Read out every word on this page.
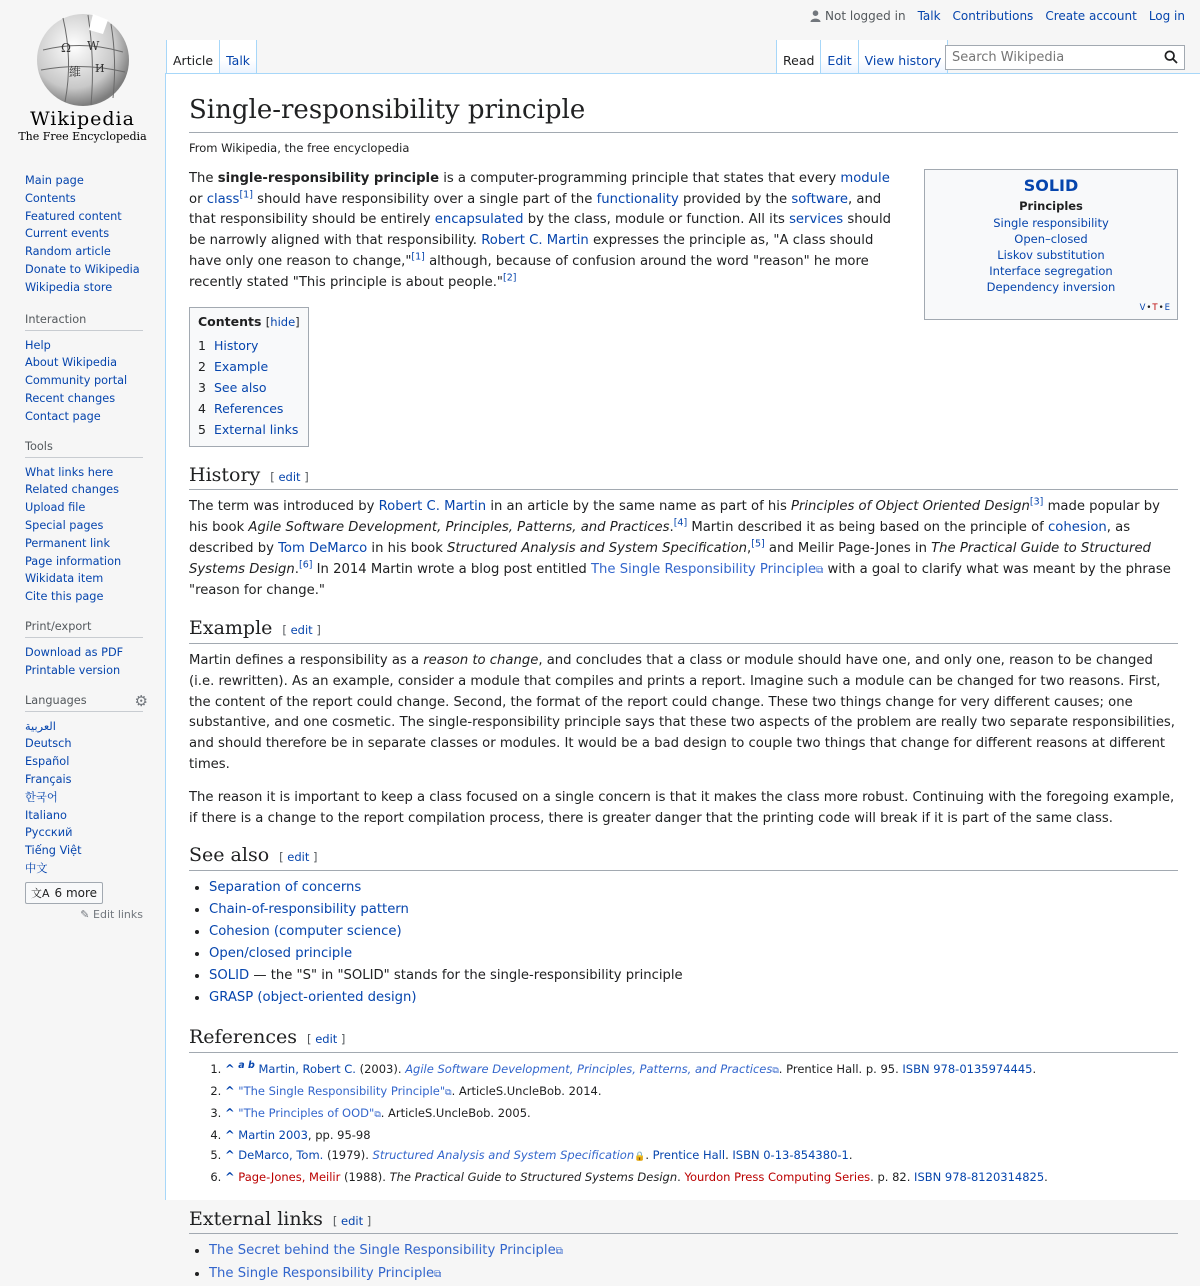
Not logged in Talk Contributions Create account Log in
Ω W
維 И
Wikipedia
The Free Encyclopedia
Main page
Contents
Featured content
Current events
Random article
Donate to Wikipedia
Wikipedia store
Interaction
Help
About Wikipedia
Community portal
Recent changes
Contact page
Tools
What links here
Related changes
Upload file
Special pages
Permanent link
Page information
Wikidata item
Cite this page
Print/export
Download as PDF
Printable version
Languages	⚙
العربية
Deutsch
Español
Français
한국어
Italiano
Русский
Tiếng Việt
中文
文A 6 more
✎ Edit links
Article	Talk	Read	Edit	View history
Search Wikipedia
Single-responsibility principle
From Wikipedia, the free encyclopedia
SOLID
Principles
Single responsibility
Open–closed
Liskov substitution
Interface segregation
Dependency inversion
V•T•E

The single-responsibility principle is a computer-programming principle that states that every module or class[1] should have responsibility over a single part of the functionality provided by the software, and that responsibility should be entirely encapsulated by the class, module or function. All its services should be narrowly aligned with that responsibility. Robert C. Martin expresses the principle as, "A class should have only one reason to change,"[1] although, because of confusion around the word "reason" he more recently stated "This principle is about people."[2]

Contents [hide]
1 History
2 Example
3 See also
4 References
5 External links
History [ edit ]

The term was introduced by Robert C. Martin in an article by the same name as part of his Principles of Object Oriented Design[3] made popular by his book Agile Software Development, Principles, Patterns, and Practices.[4] Martin described it as being based on the principle of cohesion, as described by Tom DeMarco in his book Structured Analysis and System Specification,[5] and Meilir Page-Jones in The Practical Guide to Structured Systems Design.[6] In 2014 Martin wrote a blog post entitled The Single Responsibility Principle⧉ with a goal to clarify what was meant by the phrase "reason for change."

Example [ edit ]

Martin defines a responsibility as a reason to change, and concludes that a class or module should have one, and only one, reason to be changed (i.e. rewritten). As an example, consider a module that compiles and prints a report. Imagine such a module can be changed for two reasons. First, the content of the report could change. Second, the format of the report could change. These two things change for very different causes; one substantive, and one cosmetic. The single-responsibility principle says that these two aspects of the problem are really two separate responsibilities, and should therefore be in separate classes or modules. It would be a bad design to couple two things that change for different reasons at different times.

The reason it is important to keep a class focused on a single concern is that it makes the class more robust. Continuing with the foregoing example, if there is a change to the report compilation process, there is greater danger that the printing code will break if it is part of the same class.

See also [ edit ]
• Separation of concerns
• Chain-of-responsibility pattern
• Cohesion (computer science)
• Open/closed principle
• SOLID — the "S" in "SOLID" stands for the single-responsibility principle
• GRASP (object-oriented design)
References [ edit ]
1. ^ $^{a b}$ Martin, Robert C. (2003). Agile Software Development, Principles, Patterns, and Practices⧉. Prentice Hall. p. 95. ISBN 978-0135974445.
2. ^ "The Single Responsibility Principle"⧉. ArticleS.UncleBob. 2014.
3. ^ "The Principles of OOD"⧉. ArticleS.UncleBob. 2005.
4. ^ Martin 2003, pp. 95-98
5. ^ DeMarco, Tom. (1979). Structured Analysis and System Specification🔒. Prentice Hall. ISBN 0-13-854380-1.
6. ^ Page-Jones, Meilir (1988). The Practical Guide to Structured Systems Design. Yourdon Press Computing Series. p. 82. ISBN 978-8120314825.
External links [ edit ]
• The Secret behind the Single Responsibility Principle⧉
• The Single Responsibility Principle⧉
